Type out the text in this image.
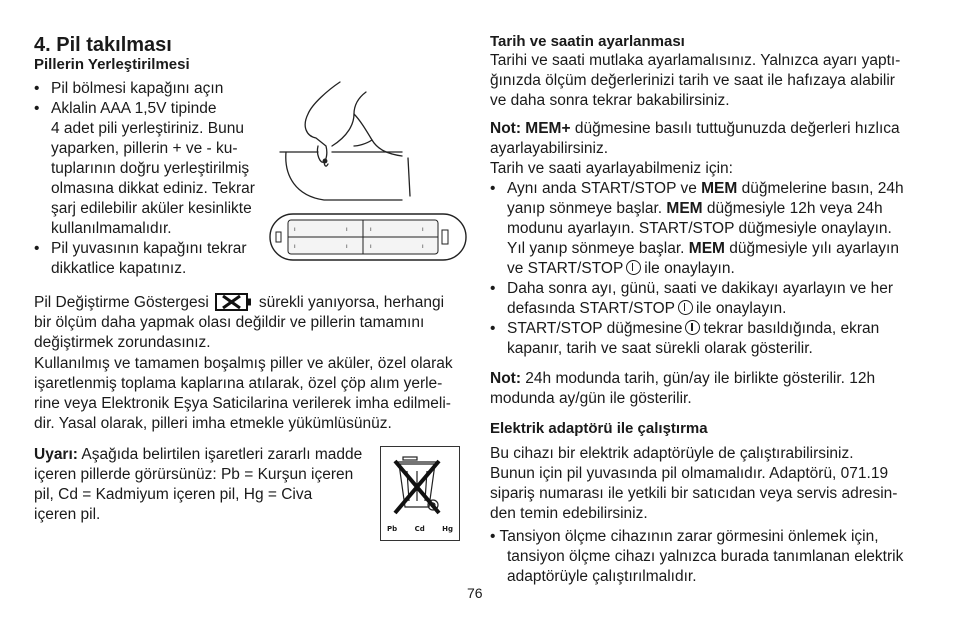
4. Pil takılması
Pillerin Yerleştirilmesi
• Pil bölmesi kapağını açın
• Aklalin AAA 1,5V tipinde
4 adet pili yerleştiriniz. Bunu
yaparken, pillerin + ve - ku-
tuplarının doğru yerleştirilmiş
olmasına dikkat ediniz. Tekrar
şarj edilebilir aküler kesinlikte
kullanılmamalıdır.
• Pil yuvasının kapağını tekrar
dikkatlice kapatınız.
ı	ı	ı	ı
ı	ı	ı	ı
Pil Değiştirme Göstergesi	sürekli yanıyorsa, herhangi
bir ölçüm daha yapmak olası değildir ve pillerin tamamını
değiştirmek zorundasınız.
Kullanılmış ve tamamen boşalmış piller ve aküler, özel olarak
işaretlenmiş toplama kaplarına atılarak, özel çöp alım yerle-
rine veya Elektronik Eşya Saticilarina verilerek imha edilmeli-
dir. Yasal olarak, pilleri imha etmekle yükümlüsünüz.
Uyarı: Aşağıda belirtilen işaretleri zararlı madde
içeren pillerde görürsünüz: Pb = Kurşun içeren
pil, Cd = Kadmiyum içeren pil, Hg = Civa
içeren pil.
Pb Cd Hg
Tarih ve saatin ayarlanması
Tarihi ve saati mutlaka ayarlamalısınız. Yalnızca ayarı yaptı-
ğınızda ölçüm değerlerinizi tarih ve saat ile hafızaya alabilir
ve daha sonra tekrar bakabilirsiniz.
Not: MEM+ düğmesine basılı tuttuğunuzda değerleri hızlıca
ayarlayabilirsiniz.
Tarih ve saati ayarlayabilmeniz için:
• Aynı anda START/STOP ve MEM düğmelerine basın, 24h
yanıp sönmeye başlar. MEM düğmesiyle 12h veya 24h
modunu ayarlayın. START/STOP düğmesiyle onaylayın.
Yıl yanıp sönmeye başlar. MEM düğmesiyle yılı ayarlayın
ve START/STOP ile onaylayın.
• Daha sonra ayı, günü, saati ve dakikayı ayarlayın ve her
defasında START/STOP ile onaylayın.
• START/STOP düğmesine tekrar basıldığında, ekran
kapanır, tarih ve saat sürekli olarak gösterilir.
Not: 24h modunda tarih, gün/ay ile birlikte gösterilir. 12h
modunda ay/gün ile gösterilir.
Elektrik adaptörü ile çalıştırma
Bu cihazı bir elektrik adaptörüyle de çalıştırabilirsiniz.
Bunun için pil yuvasında pil olmamalıdır. Adaptörü, 071.19
sipariş numarası ile yetkili bir satıcıdan veya servis adresin-
den temin edebilirsiniz.
• Tansiyon ölçme cihazının zarar görmesini önlemek için,
tansiyon ölçme cihazı yalnızca burada tanımlanan elektrik
adaptörüyle çalıştırılmalıdır.
76
